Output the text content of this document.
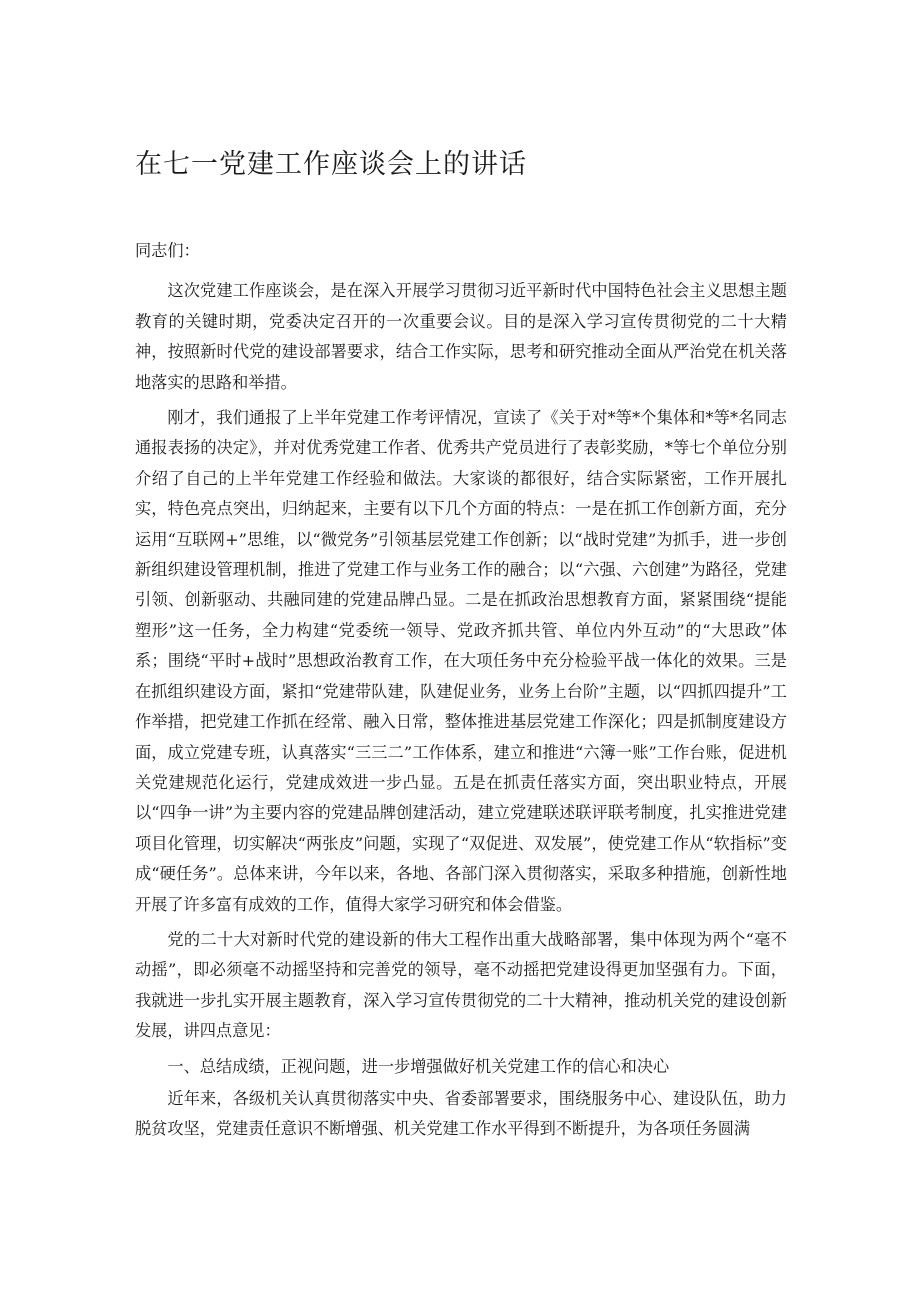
在七一党建工作座谈会上的讲话

同志们：

这次党建工作座谈会，是在深入开展学习贯彻习近平新时代中国特色社会主义思想主题教育的关键时期，党委决定召开的一次重要会议。目的是深入学习宣传贯彻党的二十大精神，按照新时代党的建设部署要求，结合工作实际，思考和研究推动全面从严治党在机关落地落实的思路和举措。

刚才，我们通报了上半年党建工作考评情况，宣读了《关于对*等*个集体和*等*名同志通报表扬的决定》，并对优秀党建工作者、优秀共产党员进行了表彰奖励，*等七个单位分别介绍了自己的上半年党建工作经验和做法。大家谈的都很好，结合实际紧密，工作开展扎实，特色亮点突出，归纳起来，主要有以下几个方面的特点：一是在抓工作创新方面，充分运用“互联网+”思维，以“微党务”引领基层党建工作创新；以“战时党建”为抓手，进一步创新组织建设管理机制，推进了党建工作与业务工作的融合；以“六强、六创建”为路径，党建引领、创新驱动、共融同建的党建品牌凸显。二是在抓政治思想教育方面，紧紧围绕“提能塑形”这一任务，全力构建“党委统一领导、党政齐抓共管、单位内外互动”的“大思政”体系；围绕“平时+战时”思想政治教育工作，在大项任务中充分检验平战一体化的效果。三是在抓组织建设方面，紧扣“党建带队建，队建促业务，业务上台阶”主题，以“四抓四提升”工作举措，把党建工作抓在经常、融入日常，整体推进基层党建工作深化；四是抓制度建设方面，成立党建专班，认真落实“三三二”工作体系，建立和推进“六簿一账”工作台账，促进机关党建规范化运行，党建成效进一步凸显。五是在抓责任落实方面，突出职业特点，开展以“四争一讲”为主要内容的党建品牌创建活动，建立党建联述联评联考制度，扎实推进党建项目化管理，切实解决“两张皮”问题，实现了“双促进、双发展”，使党建工作从“软指标”变成“硬任务”。总体来讲，今年以来，各地、各部门深入贯彻落实，采取多种措施，创新性地开展了许多富有成效的工作，值得大家学习研究和体会借鉴。

党的二十大对新时代党的建设新的伟大工程作出重大战略部署，集中体现为两个“毫不动摇”，即必须毫不动摇坚持和完善党的领导，毫不动摇把党建设得更加坚强有力。下面，我就进一步扎实开展主题教育，深入学习宣传贯彻党的二十大精神，推动机关党的建设创新发展，讲四点意见：

一、总结成绩，正视问题，进一步增强做好机关党建工作的信心和决心

近年来，各级机关认真贯彻落实中央、省委部署要求，围绕服务中心、建设队伍，助力脱贫攻坚，党建责任意识不断增强、机关党建工作水平得到不断提升，为各项任务圆满
